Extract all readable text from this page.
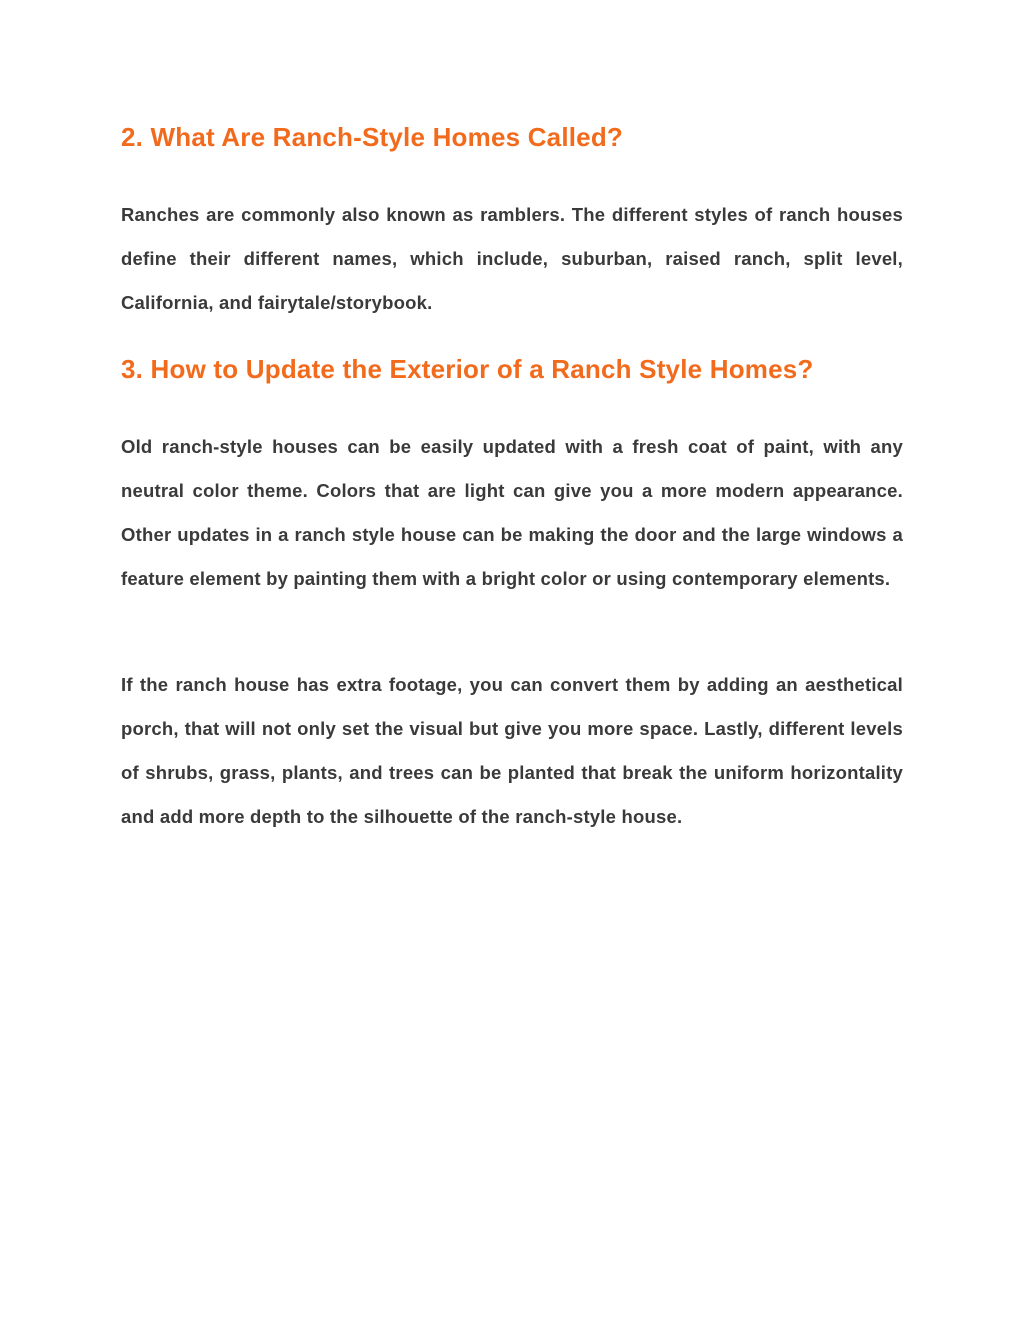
2. What Are Ranch-Style Homes Called?

Ranches are commonly also known as ramblers. The different styles of ranch houses define their different names, which include, suburban, raised ranch, split level, California, and fairytale/storybook.

3. How to Update the Exterior of a Ranch Style Homes?

Old ranch-style houses can be easily updated with a fresh coat of paint, with any neutral color theme. Colors that are light can give you a more modern appearance. Other updates in a ranch style house can be making the door and the large windows a feature element by painting them with a bright color or using contemporary elements.

If the ranch house has extra footage, you can convert them by adding an aesthetical porch, that will not only set the visual but give you more space. Lastly, different levels of shrubs, grass, plants, and trees can be planted that break the uniform horizontality and add more depth to the silhouette of the ranch-style house.
